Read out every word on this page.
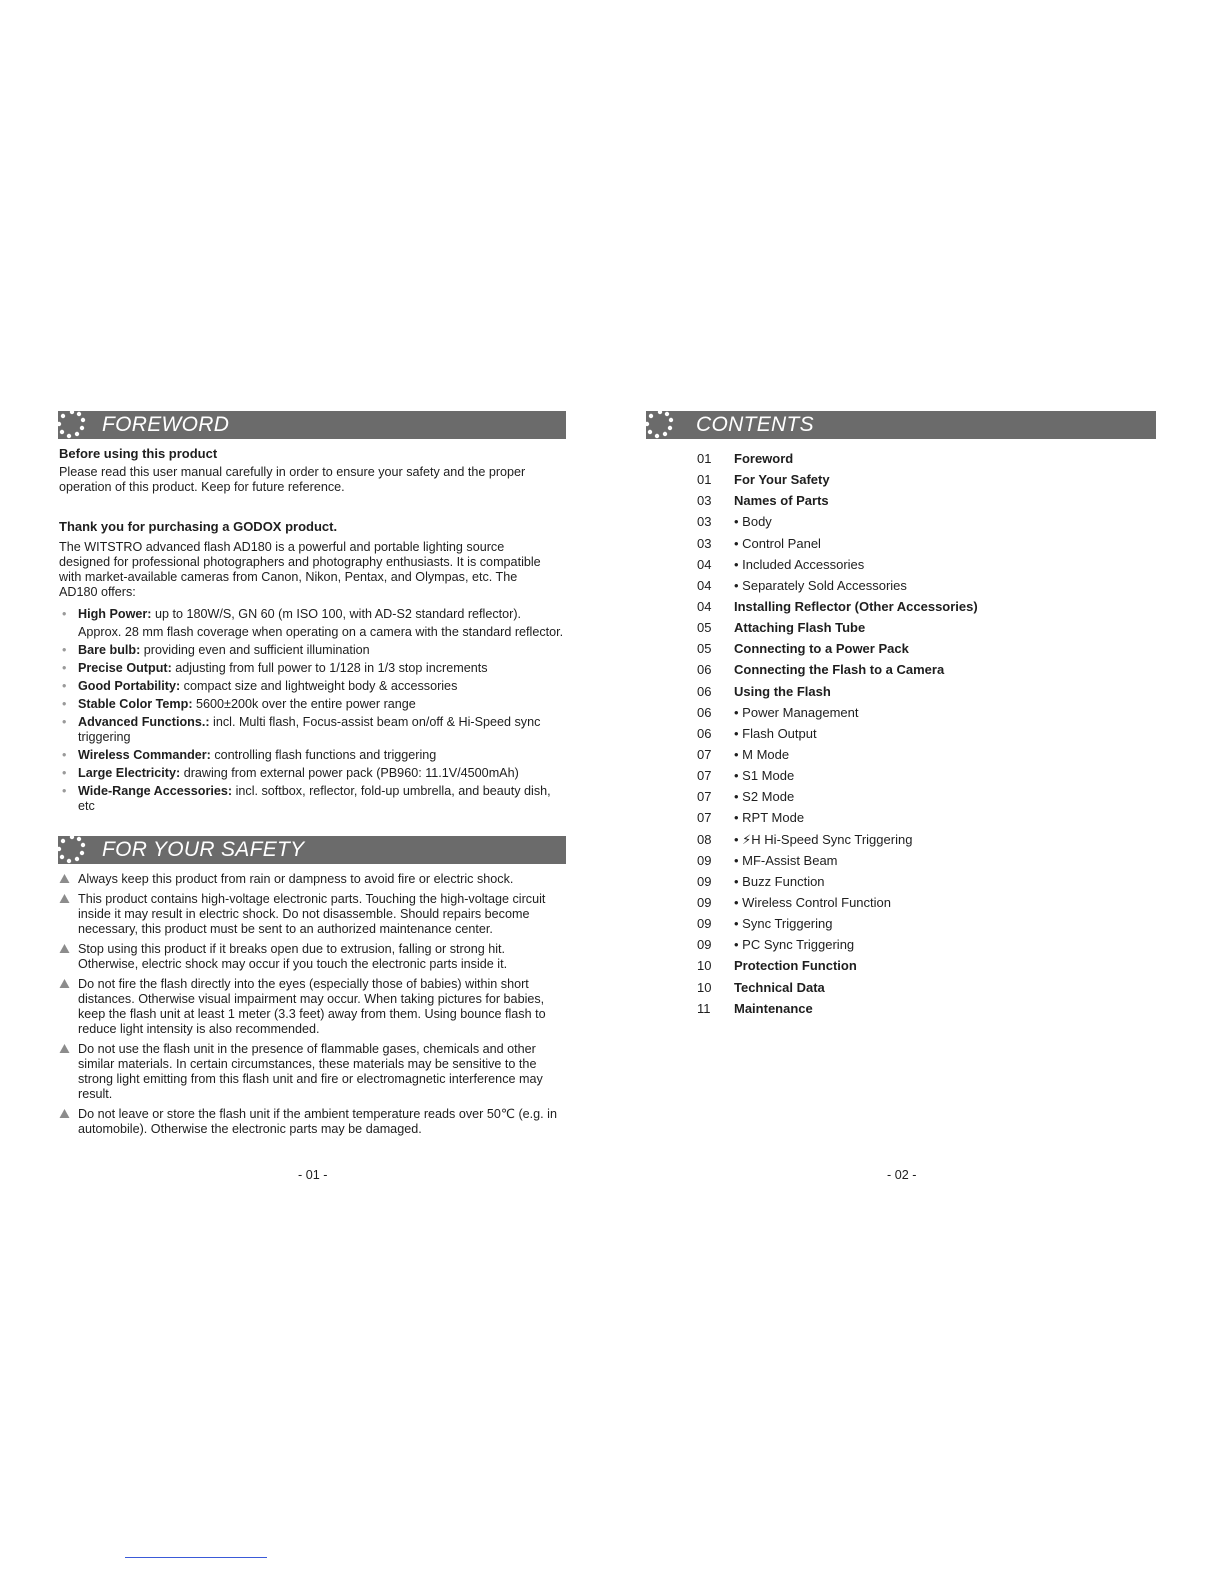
FOREWORD
Before using this product
Please read this user manual carefully in order to ensure your safety and the proper operation of this product. Keep for future reference.
Thank you for purchasing a GODOX product.
The WITSTRO advanced flash AD180 is a powerful and portable lighting source designed for professional photographers and photography enthusiasts. It is compatible with market-available cameras from Canon, Nikon, Pentax, and Olympas, etc. The AD180 offers:
• High Power: up to 180W/S, GN 60 (m ISO 100, with AD-S2 standard reflector).
Approx. 28 mm flash coverage when operating on a camera with the standard reflector.
• Bare bulb: providing even and sufficient illumination
• Precise Output: adjusting from full power to 1/128 in 1/3 stop increments
• Good Portability: compact size and lightweight body & accessories
• Stable Color Temp: 5600±200k over the entire power range
• Advanced Functions.: incl. Multi flash, Focus-assist beam on/off & Hi-Speed sync triggering
• Wireless Commander: controlling flash functions and triggering
• Large Electricity: drawing from external power pack (PB960: 11.1V/4500mAh)
• Wide-Range Accessories: incl. softbox, reflector, fold-up umbrella, and beauty dish, etc
FOR YOUR SAFETY
Always keep this product from rain or dampness to avoid fire or electric shock.
This product contains high-voltage electronic parts. Touching the high-voltage circuit inside it may result in electric shock. Do not disassemble. Should repairs become necessary, this product must be sent to an authorized maintenance center.
Stop using this product if it breaks open due to extrusion, falling or strong hit. Otherwise, electric shock may occur if you touch the electronic parts inside it.
Do not fire the flash directly into the eyes (especially those of babies) within short distances. Otherwise visual impairment may occur. When taking pictures for babies, keep the flash unit at least 1 meter (3.3 feet) away from them. Using bounce flash to reduce light intensity is also recommended.
Do not use the flash unit in the presence of flammable gases, chemicals and other similar materials. In certain circumstances, these materials may be sensitive to the strong light emitting from this flash unit and fire or electromagnetic interference may result.
Do not leave or store the flash unit if the ambient temperature reads over 50℃ (e.g. in automobile). Otherwise the electronic parts may be damaged.
- 01 -
CONTENTS
01	Foreword
01	For Your Safety
03	Names of Parts
03	• Body
03	• Control Panel
04	• Included Accessories
04	• Separately Sold Accessories
04	Installing Reflector (Other Accessories)
05	Attaching Flash Tube
05	Connecting to a Power Pack
06	Connecting the Flash to a Camera
06	Using the Flash
06	• Power Management
06	• Flash Output
07	• M Mode
07	• S1 Mode
07	• S2 Mode
07	• RPT Mode
08	• ⚡H Hi-Speed Sync Triggering
09	• MF-Assist Beam
09	• Buzz Function
09	• Wireless Control Function
09	• Sync Triggering
09	• PC Sync Triggering
10	Protection Function
10	Technical Data
11	Maintenance
- 02 -
